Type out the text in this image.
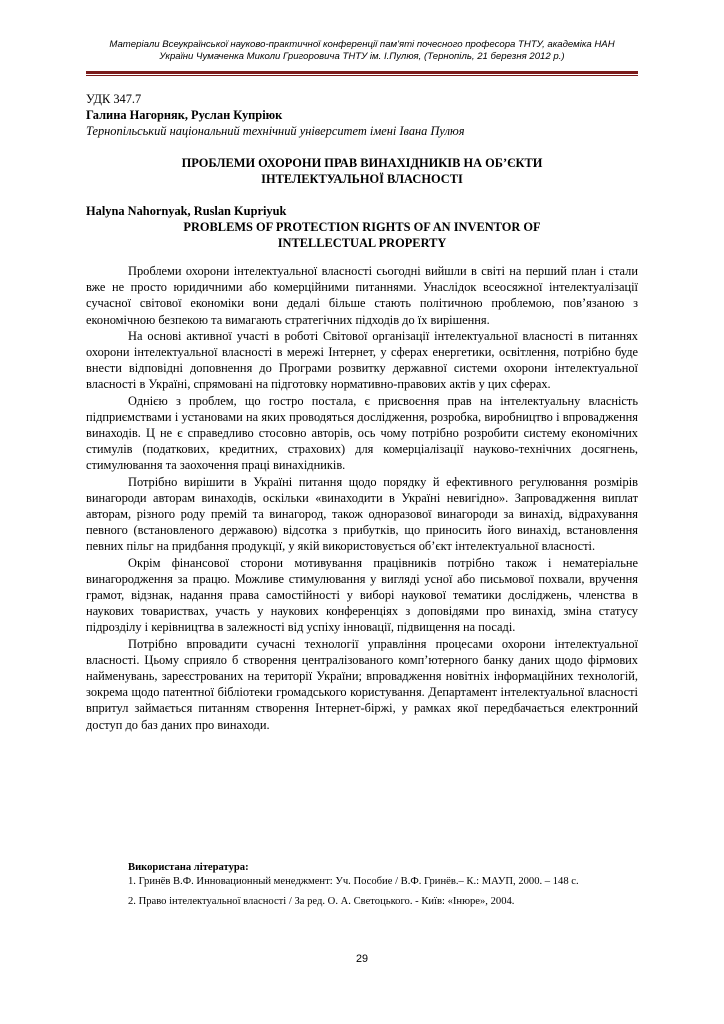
Матеріали Всеукраїнської науково-практичної конференції пам'яті почесного професора ТНТУ, академіка НАН
України Чумаченка Миколи Григоровича ТНТУ ім. І.Пулюя, (Тернопіль, 21 березня 2012 р.)
УДК 347.7
Галина Нагорняк, Руслан Купріюк
Тернопільський національний технічний університет імені Івана Пулюя
ПРОБЛЕМИ ОХОРОНИ ПРАВ ВИНАХІДНИКІВ НА ОБ’ЄКТИ
ІНТЕЛЕКТУАЛЬНОЇ ВЛАСНОСТІ
Halyna Nahornyak, Ruslan Kupriyuk
PROBLEMS OF PROTECTION RIGHTS OF AN INVENTOR OF
INTELLECTUAL PROPERTY

Проблеми охорони інтелектуальної власності сьогодні вийшли в світі на перший план і стали вже не просто юридичними або комерційними питаннями. Унаслідок всеосяжної інтелектуалізації сучасної світової економіки вони дедалі більше стають політичною проблемою, пов’язаною з економічною безпекою та вимагають стратегічних підходів до їх вирішення.

На основі активної участі в роботі Світової організації інтелектуальної власності в питаннях охорони інтелектуальної власності в мережі Інтернет, у сферах енергетики, освітлення, потрібно буде внести відповідні доповнення до Програми розвитку державної системи охорони інтелектуальної власності в Україні, спрямовані на підготовку нормативно-правових актів у цих сферах.

Однією з проблем, що гостро постала, є присвоєння прав на інтелектуальну власність підприємствами і установами на яких проводяться дослідження, розробка, виробництво і впровадження винаходів. Ц не є справедливо стосовно авторів, ось чому потрібно розробити систему економічних стимулів (податкових, кредитних, страхових) для комерціалізації науково-технічних досягнень, стимулювання та заохочення праці винахідників.

Потрібно вирішити в Україні питання щодо порядку й ефективного регулювання розмірів винагороди авторам винаходів, оскільки «винаходити в Україні невигідно». Запровадження виплат авторам, різного роду премій та винагород, також одноразової винагороди за винахід, відрахування певного (встановленого державою) відсотка з прибутків, що приносить його винахід, встановлення певних пільг на придбання продукції, у якій використовується об’єкт інтелектуальної власності.

Окрім фінансової сторони мотивування працівників потрібно також і нематеріальне винагородження за працю. Можливе стимулювання у вигляді усної або письмової похвали, вручення грамот, відзнак, надання права самостійності у виборі наукової тематики досліджень, членства в наукових товариствах, участь у наукових конференціях з доповідями про винахід, зміна статусу підрозділу і керівництва в залежності від успіху інновації, підвищення на посаді.

Потрібно впровадити сучасні технології управління процесами охорони інтелектуальної власності. Цьому сприяло б створення централізованого комп’ютерного банку даних щодо фірмових найменувань, зареєстрованих на території України; впровадження новітніх інформаційних технологій, зокрема щодо патентної бібліотеки громадського користування. Департамент інтелектуальної власності впритул займається питанням створення Інтернет-біржі, у рамках якої передбачається електронний доступ до баз даних про винаходи.

Використана література:
1. Гринёв В.Ф. Инновационный менеджмент: Уч. Пособие / В.Ф. Гринёв.– К.: МАУП, 2000. – 148 с.
2. Право інтелектуальної власності / За ред. О. А. Светоцького. - Київ: «Інюре», 2004.
29
